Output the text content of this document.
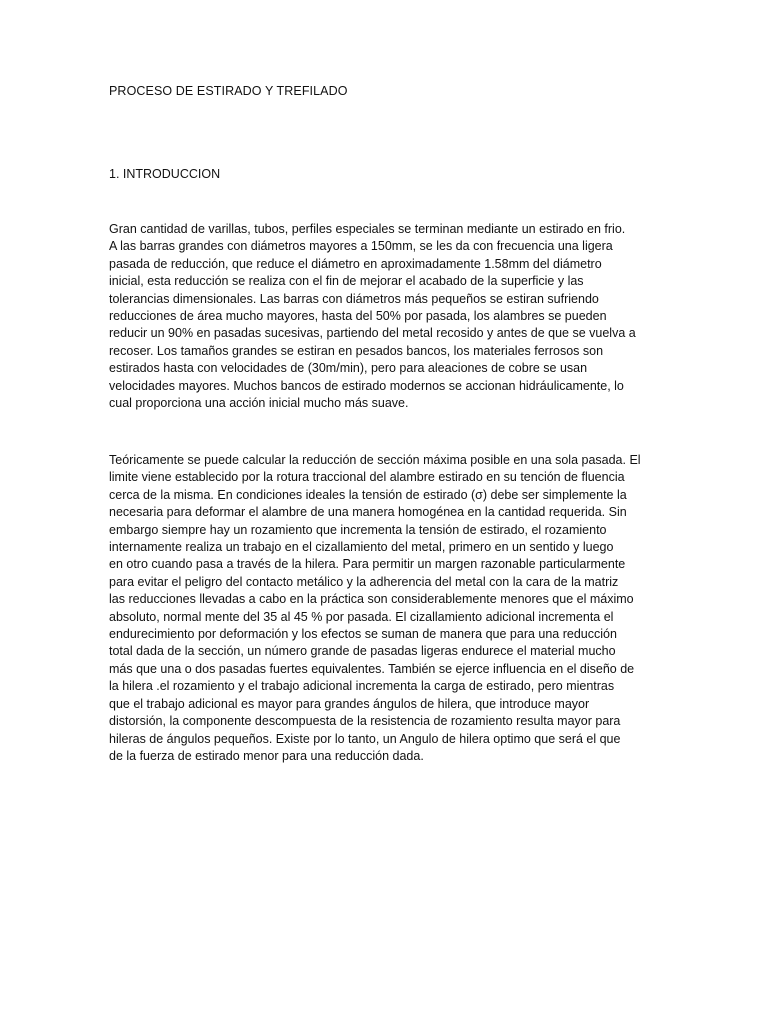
PROCESO DE ESTIRADO Y TREFILADO
1. INTRODUCCION
Gran cantidad de varillas, tubos, perfiles especiales se terminan mediante un estirado en frio.
A las barras grandes con diámetros mayores a 150mm, se les da con frecuencia una ligera
pasada de reducción, que reduce el diámetro en aproximadamente 1.58mm del diámetro
inicial, esta reducción se realiza con el fin de mejorar el acabado de la superficie y las
tolerancias dimensionales. Las barras con diámetros más pequeños se estiran sufriendo
reducciones de área mucho mayores, hasta del 50% por pasada, los alambres se pueden
reducir un 90% en pasadas sucesivas, partiendo del metal recosido y antes de que se vuelva a
recoser. Los tamaños grandes se estiran en pesados bancos, los materiales ferrosos son
estirados hasta con velocidades de (30m/min), pero para aleaciones de cobre se usan
velocidades mayores. Muchos bancos de estirado modernos se accionan hidráulicamente, lo
cual proporciona una acción inicial mucho más suave.
Teóricamente se puede calcular la reducción de sección máxima posible en una sola pasada. El
limite viene establecido por la rotura traccional del alambre estirado en su tención de fluencia
cerca de la misma. En condiciones ideales la tensión de estirado (σ) debe ser simplemente la
necesaria para deformar el alambre de una manera homogénea en la cantidad requerida. Sin
embargo siempre hay un rozamiento que incrementa la tensión de estirado, el rozamiento
internamente realiza un trabajo en el cizallamiento del metal, primero en un sentido y luego
en otro cuando pasa a través de la hilera. Para permitir un margen razonable particularmente
para evitar el peligro del contacto metálico y la adherencia del metal con la cara de la matriz
las reducciones llevadas a cabo en la práctica son considerablemente menores que el máximo
absoluto, normal mente del 35 al 45 % por pasada. El cizallamiento adicional incrementa el
endurecimiento por deformación y los efectos se suman de manera que para una reducción
total dada de la sección, un número grande de pasadas ligeras endurece el material mucho
más que una o dos pasadas fuertes equivalentes. También se ejerce influencia en el diseño de
la hilera .el rozamiento y el trabajo adicional incrementa la carga de estirado, pero mientras
que el trabajo adicional es mayor para grandes ángulos de hilera, que introduce mayor
distorsión, la componente descompuesta de la resistencia de rozamiento resulta mayor para
hileras de ángulos pequeños. Existe por lo tanto, un Angulo de hilera optimo que será el que
de la fuerza de estirado menor para una reducción dada.
